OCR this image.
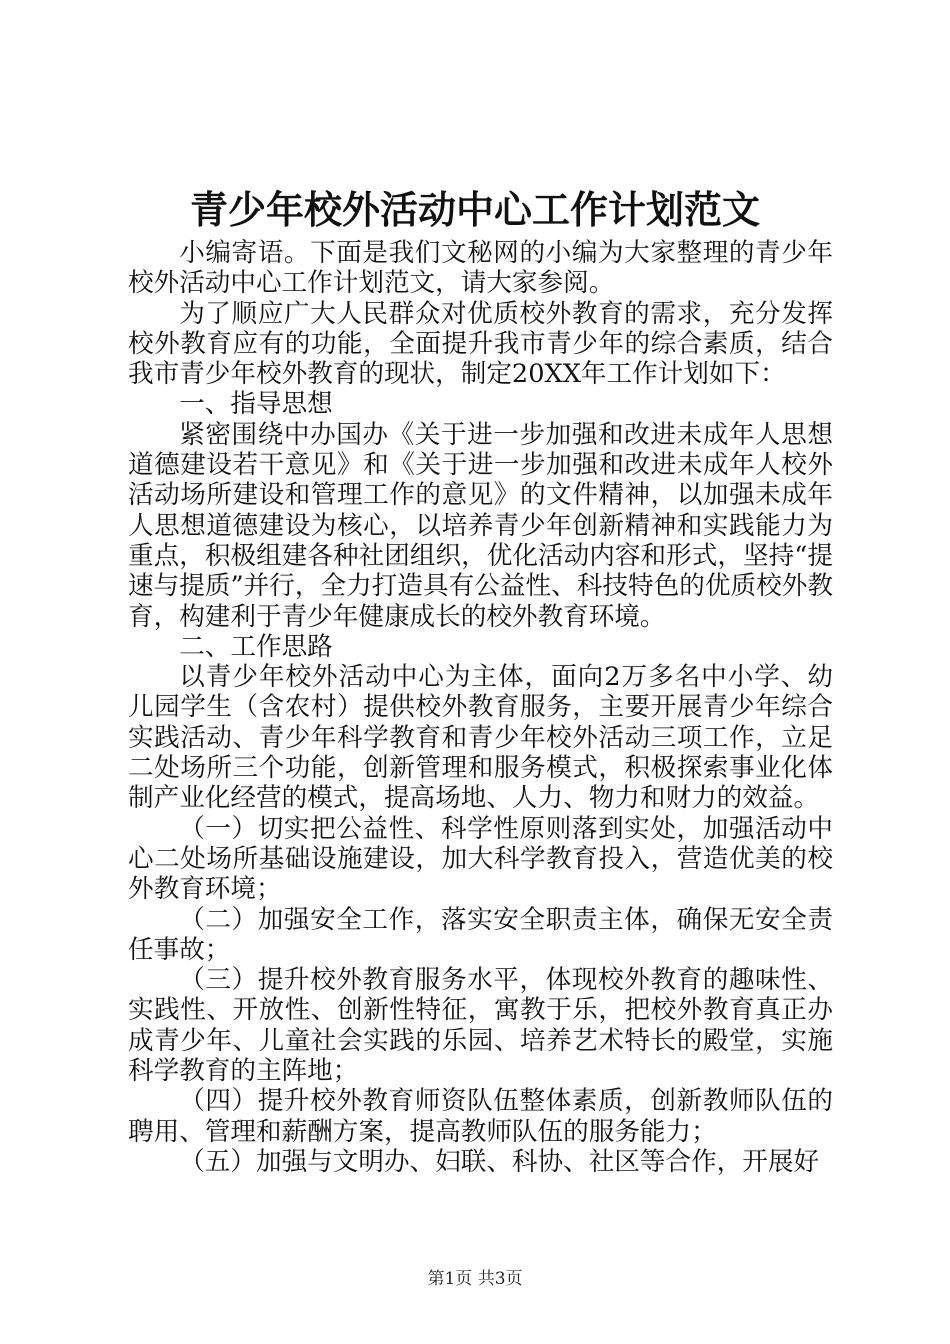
青少年校外活动中心工作计划范文

小编寄语。下面是我们文秘网的小编为大家整理的青少年校外活动中心工作计划范文，请大家参阅。

为了顺应广大人民群众对优质校外教育的需求，充分发挥校外教育应有的功能，全面提升我市青少年的综合素质，结合我市青少年校外教育的现状，制定20XX年工作计划如下：

一、指导思想

紧密围绕中办国办《关于进一步加强和改进未成年人思想道德建设若干意见》和《关于进一步加强和改进未成年人校外活动场所建设和管理工作的意见》的文件精神，以加强未成年人思想道德建设为核心，以培养青少年创新精神和实践能力为重点，积极组建各种社团组织，优化活动内容和形式，坚持“提速与提质”并行，全力打造具有公益性、科技特色的优质校外教育，构建利于青少年健康成长的校外教育环境。

二、工作思路

以青少年校外活动中心为主体，面向2万多名中小学、幼儿园学生（含农村）提供校外教育服务，主要开展青少年综合实践活动、青少年科学教育和青少年校外活动三项工作，立足二处场所三个功能，创新管理和服务模式，积极探索事业化体制产业化经营的模式，提高场地、人力、物力和财力的效益。

（一）切实把公益性、科学性原则落到实处，加强活动中心二处场所基础设施建设，加大科学教育投入，营造优美的校外教育环境；

（二）加强安全工作，落实安全职责主体，确保无安全责任事故；

（三）提升校外教育服务水平，体现校外教育的趣味性、实践性、开放性、创新性特征，寓教于乐，把校外教育真正办成青少年、儿童社会实践的乐园、培养艺术特长的殿堂，实施科学教育的主阵地；

（四）提升校外教育师资队伍整体素质，创新教师队伍的聘用、管理和薪酬方案，提高教师队伍的服务能力；

（五）加强与文明办、妇联、科协、社区等合作，开展好

第1页 共3页
